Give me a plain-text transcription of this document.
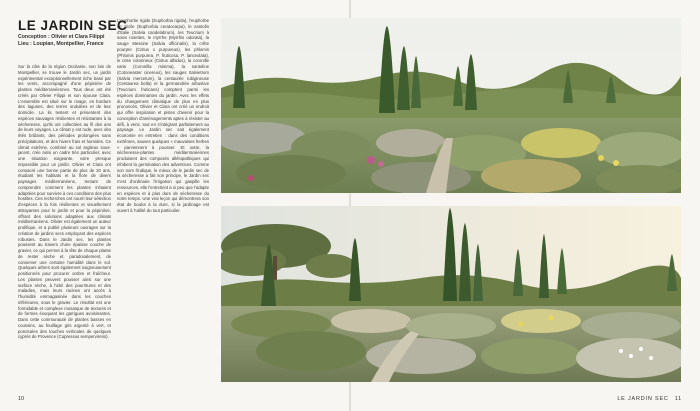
LE JARDIN SEC
Conception : Olivier et Clara Filippi
Lieu : Loupian, Montpellier, France
Sur la côte de la région Occitanie, non loin de Montpellier, se trouve le Jardin sec, un jardin expérimental exceptionnellement riche basé par les vents, accompagné d'une pépinière de plantes méditerranéennes. Tous deux ont été créés par Olivier Filippi et son épouse Clara. L'ensemble est situé sur le rivage, en bordure des lagunes, des terres ondulées et de leur domicile. La ils testent et présentent des espèces sauvages résilientes et résistantes à la sécheresse, qu'ils ont collectées au fil des ans de leurs voyages. Le climat y est rude, avec des étés brûlants, des périodes prolongées sans précipitations, et des hivers frais et humides. Ce climat extrême, combiné au sol argileux sous-jacent, crée ainsi un cadre très particulier, avec une situation exigeante, voire presque impossible pour un jardin. Olivier et Clara ont consacré une bonne partie de plus de 20 ans, étudiant les habitats et la flore de divers paysages méditerranéens, tentant de comprendre comment les plantes s'étaient adaptées pour survivre à ces conditions des plus hostiles. Ces recherches ont nourri leur sélection d'espèces à la fois résilientes et visuellement attrayantes pour le jardin et pour la pépinière, offrant des solutions adaptées aux climats méditerranéens. Olivier est également un auteur prolifique, et a publié plusieurs ouvrages sur la création de jardins secs employant des espèces robustes. Dans le Jardin sec, les plantes poussent au travers d'une épaisse couche de gravier, ce qui permet à la tête de chaque plante de rester sèche et, paradoxalement, de conserver une certaine humidité dans le sol. Quelques arbres sont également soigneusement positionnés pour procurer ombre et fraîcheur. Les plantes peuvent pousser ainsi sur une surface sèche, à l'abri des pourritures et des maladies, mais leurs racines ont accès à l'humidité emmagasinée dans les couches inférieures, sous le gravier. Le résultat est une formidable et complexe mosaïque de textures et de formes évoquant les garrigues avoisinantes. Dans cette communauté de plantes basses en coussins, au feuillage gris argenté à vert, et ponctuées des touches verticales de quelques cyprès de Provence (Cupressus sempervirens).
L'euphorbe rigide (Euphorbia rigida), l'euphorbe de Sicile (Euphorbia ceratocarpa), le santolin d'Italie (Salvia candelabrum), les Teucrium à soies rosettes, le myrrhe (Myrrhis odorata), la sauge Messine (Salvia officinalis), la crête pourpre (Cistus x purpureus), les phlomis (Phlomis purpurea, P. fruticosa, P. lanceolata), le ciste cotonneux (Cistus albidus), la coronille varie (Coronilla minima), la santoline (Cotoneaster cinereus), les sauges Salvietrum (Salvia mercetum), la centaurée rubigineuse (Centaurea bella) et la germandrée arbustive (Teucrium fruticans) comptent parmi les espèces dominantes du jardin. Avec les effets du changement climatique de plus en plus prononcés, Olivier et Clara ont créé un endroit qui offre inspiration et pistes d'avenir pour la conception d'aménagements aptes à résister au défi, à venir, tout en s'intégrant parfaitement au paysage. Le Jardin sec sait également économie en entretien : dans des conditions extrêmes, sauves quelques « mauvaises herbes » parviennent à pousser. Et outre, la sécheresse-plantes méditerranéennes produisent des composés allélopathiques qui inhibent la germination des adventices. Comme son nom l'indique, le mieux de le jardin sec de la sécheresse a fait son principe, le Jardin sec n'est d'ordinaire l'irrigation qui gaspille les ressources, elle l'entretient a si peu que l'adapte en espèces et à plus dure de sécheresse du notre temps. Une vrai leçon qui démontrera son état de boulot à la dure, si la jardinage est ouvert à l'utilité du tout particulier.
10	LE JARDIN SEC 11
